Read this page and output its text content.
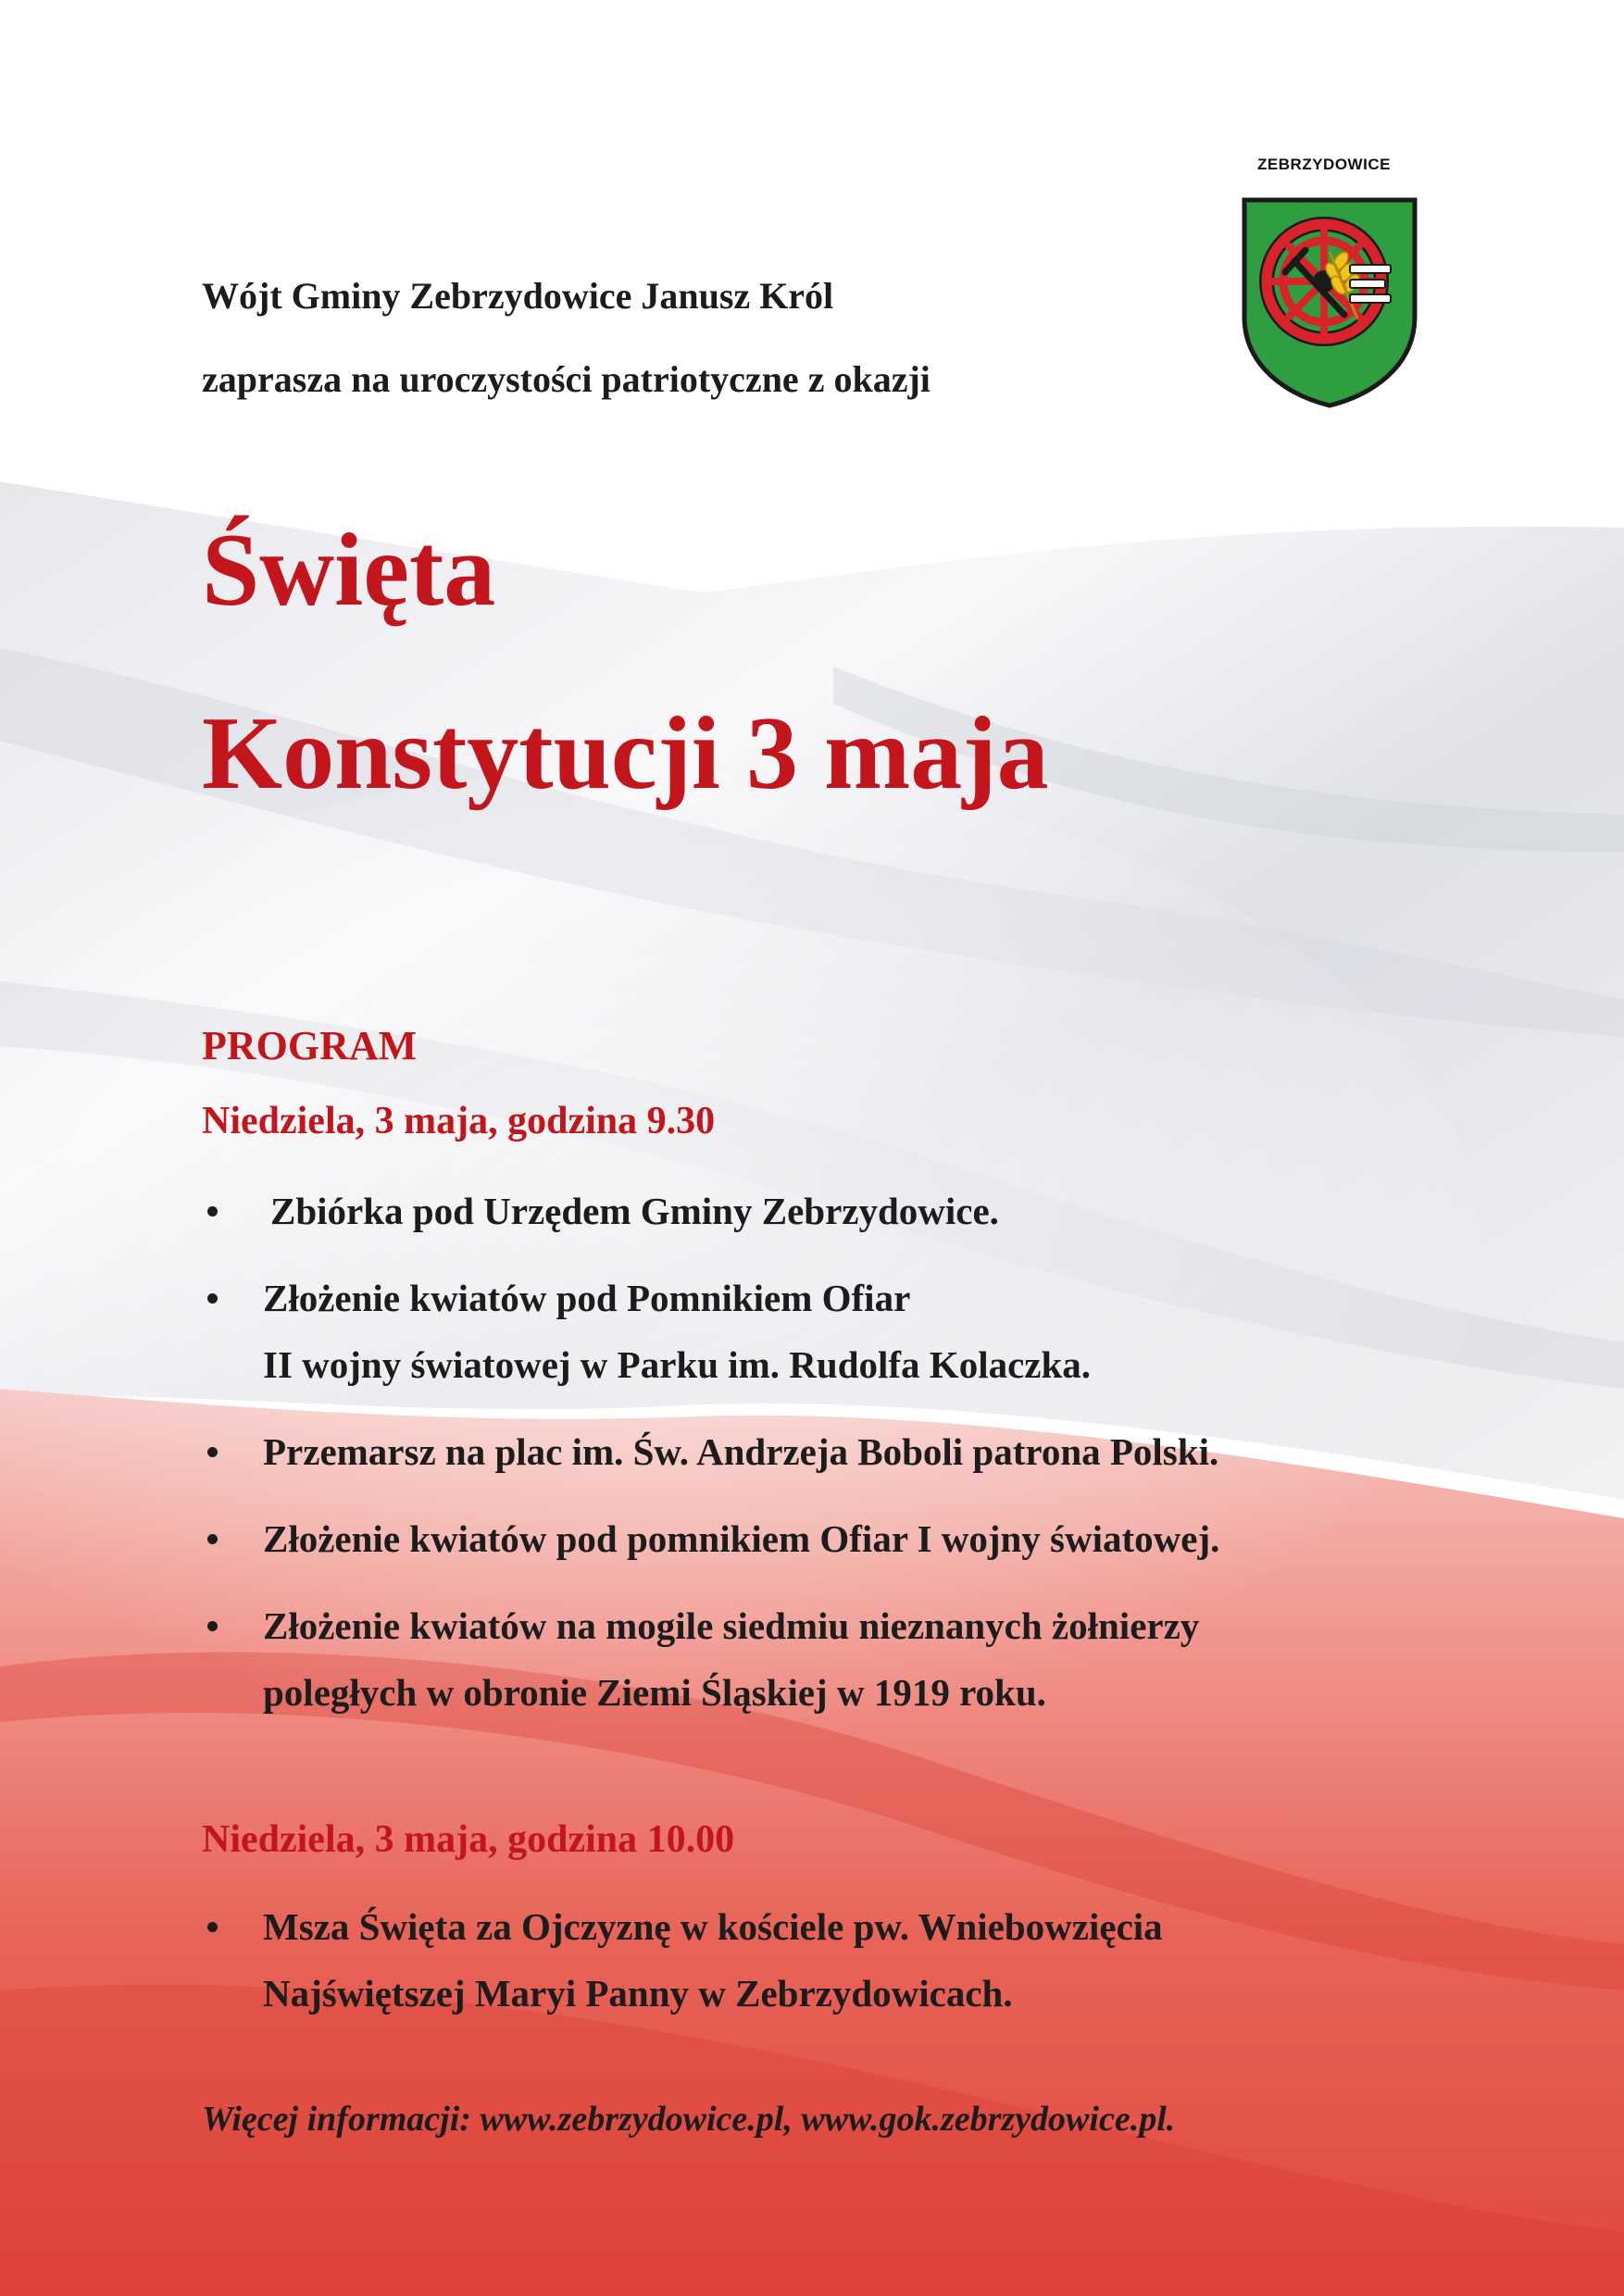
Wójt Gminy Zebrzydowice Janusz Król
zaprasza na uroczystości patriotyczne z okazji
ZEBRZYDOWICE
Święta
Konstytucji 3 maja
PROGRAM
Niedziela, 3 maja, godzina 9.30
Zbiórka pod Urzędem Gminy Zebrzydowice.
Złożenie kwiatów pod Pomnikiem Ofiar
II wojny światowej w Parku im. Rudolfa Kolaczka.
Przemarsz na plac im. Św. Andrzeja Boboli patrona Polski.
Złożenie kwiatów pod pomnikiem Ofiar I wojny światowej.
Złożenie kwiatów na mogile siedmiu nieznanych żołnierzy
poległych w obronie Ziemi Śląskiej w 1919 roku.
Niedziela, 3 maja, godzina 10.00
Msza Święta za Ojczyznę w kościele pw. Wniebowzięcia
Najświętszej Maryi Panny w Zebrzydowicach.
Więcej informacji: www.zebrzydowice.pl, www.gok.zebrzydowice.pl.
